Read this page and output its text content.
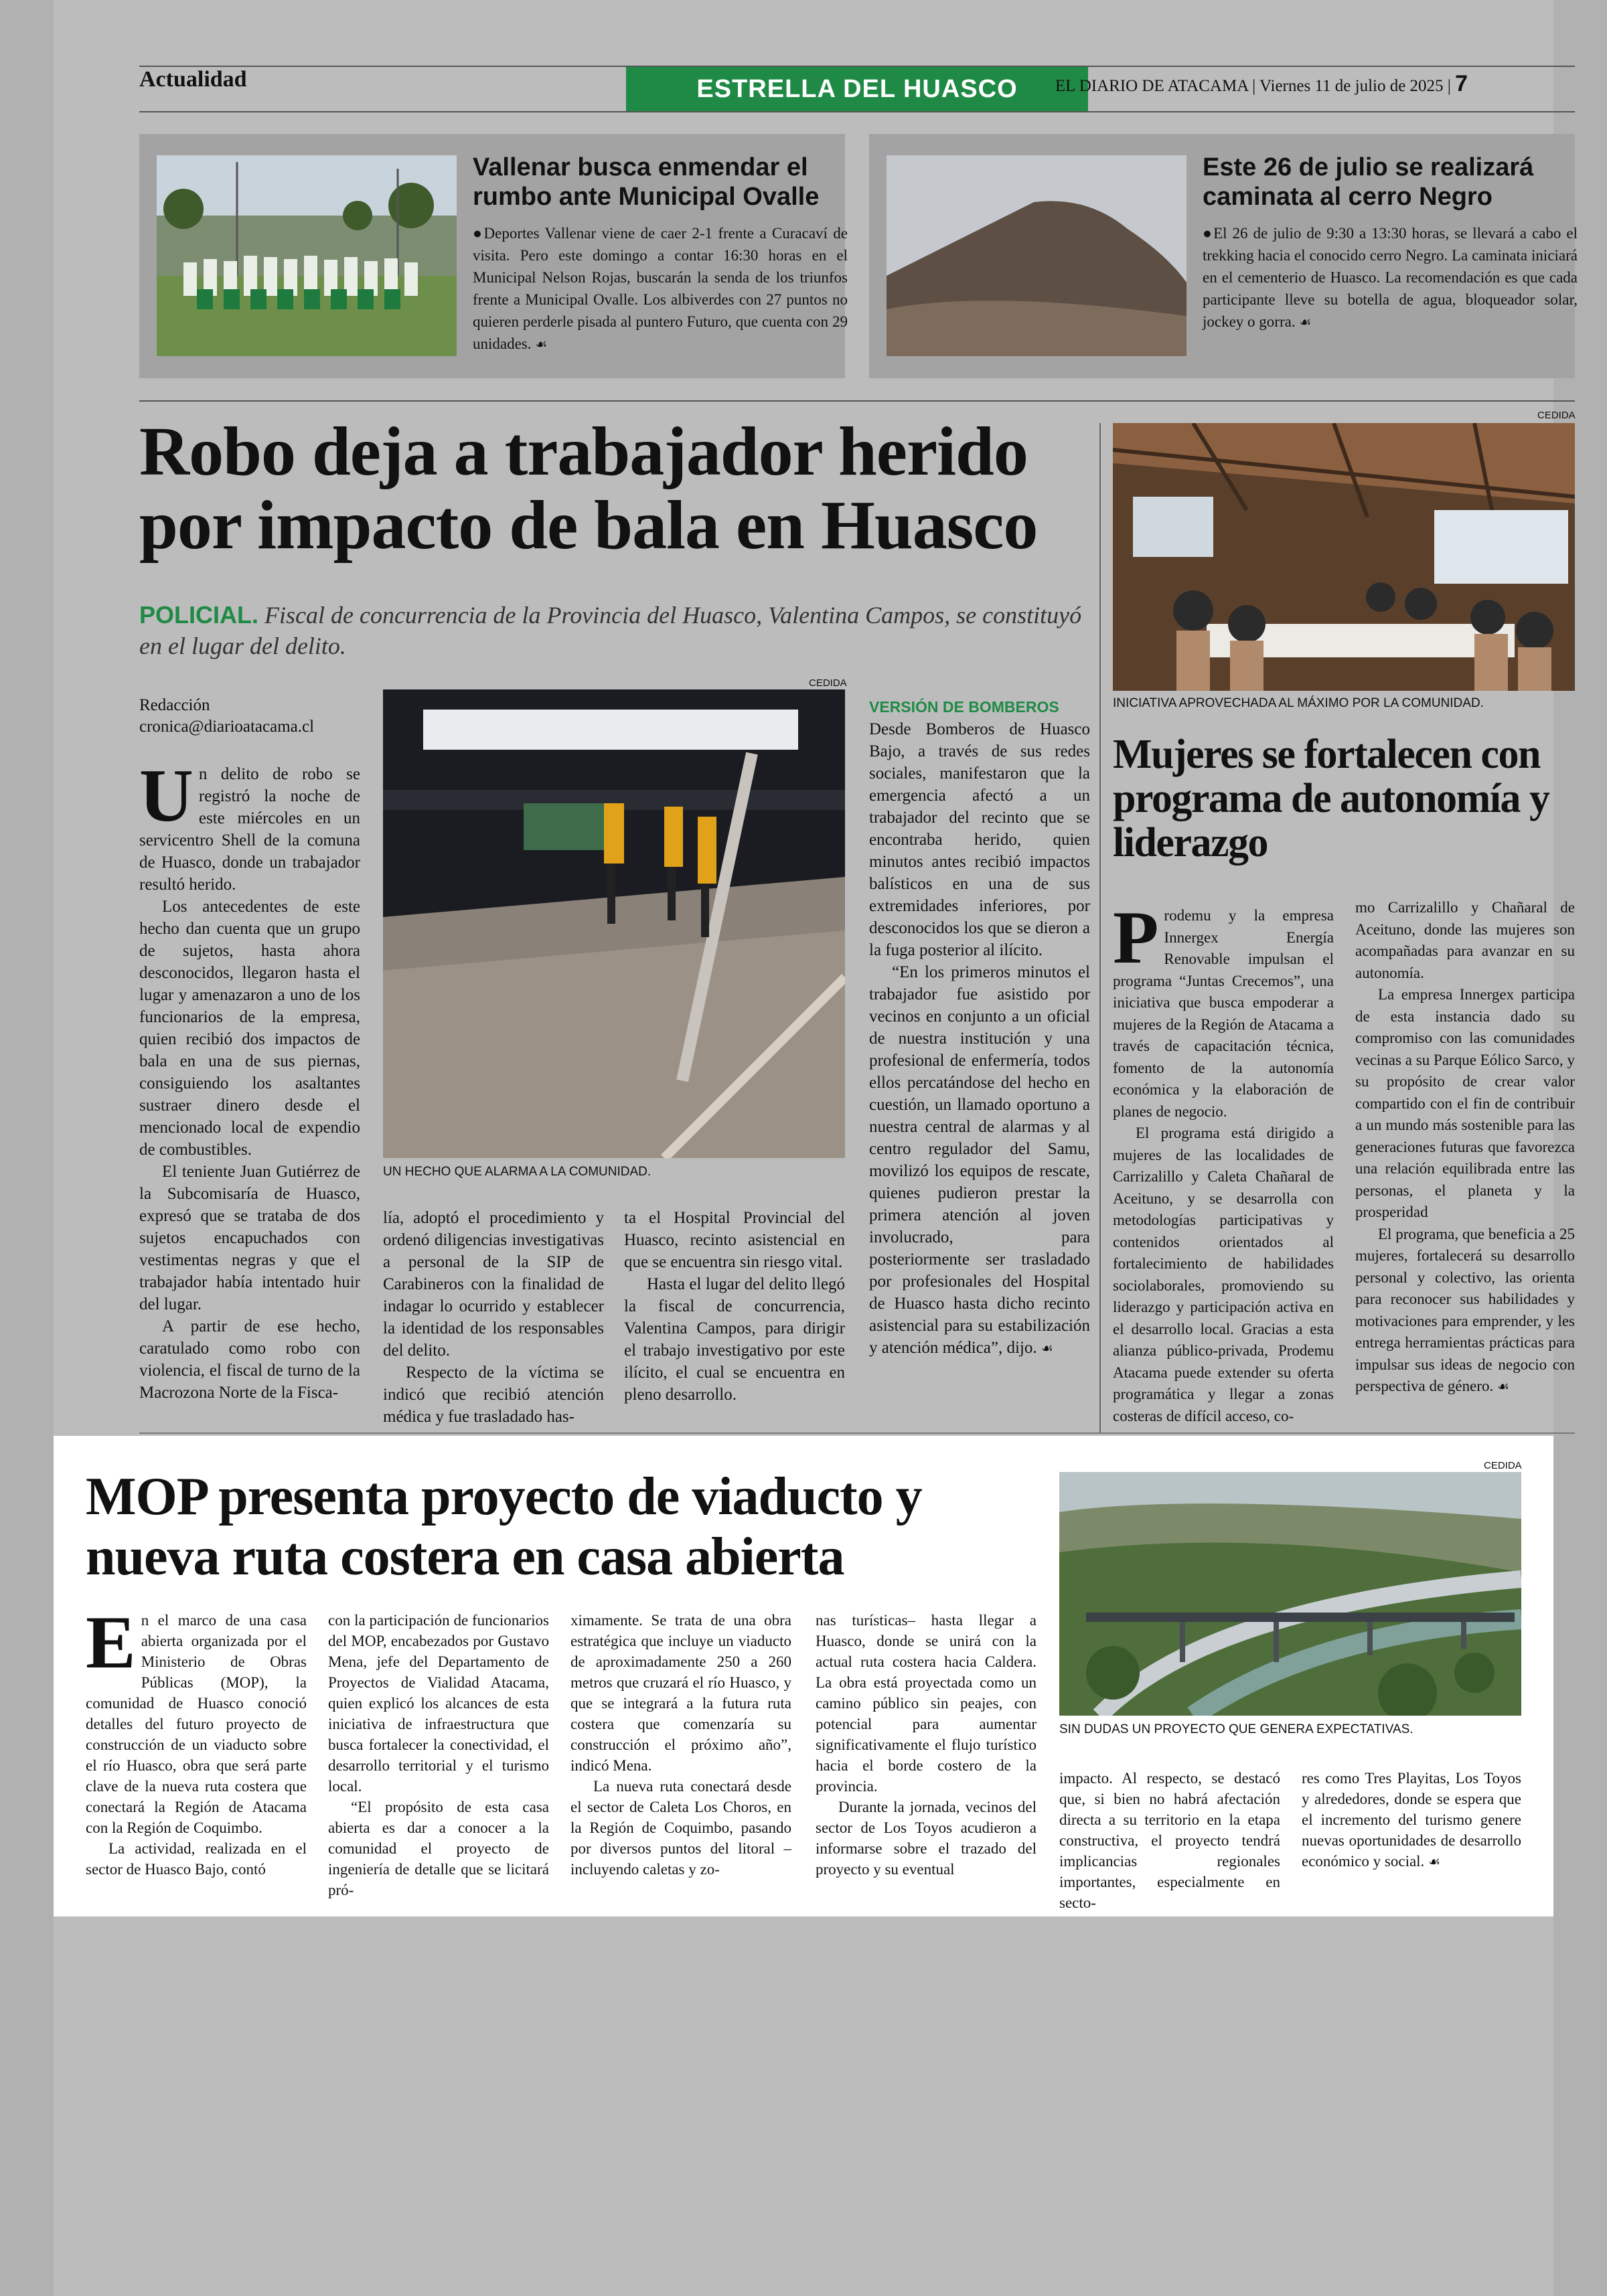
Actualidad	ESTRELLA DEL HUASCO	EL DIARIO DE ATACAMA | Viernes 11 de julio de 2025 | 7
Vallenar busca enmendar el rumbo ante Municipal Ovalle

●Deportes Vallenar viene de caer 2-1 frente a Curacaví de visita. Pero este domingo a contar 16:30 horas en el Municipal Nelson Rojas, buscarán la senda de los triunfos frente a Municipal Ovalle. Los albiverdes con 27 puntos no quieren perderle pisada al puntero Futuro, que cuenta con 29 unidades. ☙

Este 26 de julio se realizará caminata al cerro Negro

●El 26 de julio de 9:30 a 13:30 horas, se llevará a cabo el trekking hacia el conocido cerro Negro. La caminata iniciará en el cementerio de Huasco. La recomendación es que cada participante lleve su botella de agua, bloqueador solar, jockey o gorra. ☙

Robo deja a trabajador herido
por impacto de bala en Huasco

POLICIAL. Fiscal de concurrencia de la Provincia del Huasco, Valentina Campos, se constituyó en el lugar del delito.

Redacción
cronica@diarioatacama.cl
CEDIDA
UN HECHO QUE ALARMA A LA COMUNIDAD.

Un delito de robo se registró la noche de este miércoles en un servicentro Shell de la comuna de Huasco, donde un trabajador resultó herido.

Los antecedentes de este hecho dan cuenta que un grupo de sujetos, hasta ahora desconocidos, llegaron hasta el lugar y amenazaron a uno de los funcionarios de la empresa, quien recibió dos impactos de bala en una de sus piernas, consiguiendo los asaltantes sustraer dinero desde el mencionado local de expendio de combustibles.

El teniente Juan Gutiérrez de la Subcomisaría de Huasco, expresó que se trataba de dos sujetos encapuchados con vestimentas negras y que el trabajador había intentado huir del lugar.

A partir de ese hecho, caratulado como robo con violencia, el fiscal de turno de la Macrozona Norte de la Fisca-

lía, adoptó el procedimiento y ordenó diligencias investigativas a personal de la SIP de Carabineros con la finalidad de indagar lo ocurrido y establecer la identidad de los responsables del delito.

Respecto de la víctima se indicó que recibió atención médica y fue trasladado has-

ta el Hospital Provincial del Huasco, recinto asistencial en que se encuentra sin riesgo vital.

Hasta el lugar del delito llegó la fiscal de concurrencia, Valentina Campos, para dirigir el trabajo investigativo por este ilícito, el cual se encuentra en pleno desarrollo.

VERSIÓN DE BOMBEROS

Desde Bomberos de Huasco Bajo, a través de sus redes sociales, manifestaron que la emergencia afectó a un trabajador del recinto que se encontraba herido, quien minutos antes recibió impactos balísticos en una de sus extremidades inferiores, por desconocidos los que se dieron a la fuga posterior al ilícito.

“En los primeros minutos el trabajador fue asistido por vecinos en conjunto a un oficial de nuestra institución y una profesional de enfermería, todos ellos percatándose del hecho en cuestión, un llamado oportuno a nuestra central de alarmas y al centro regulador del Samu, movilizó los equipos de rescate, quienes pudieron prestar la primera atención al joven involucrado, para posteriormente ser trasladado por profesionales del Hospital de Huasco hasta dicho recinto asistencial para su estabilización y atención médica”, dijo. ☙

CEDIDA
INICIATIVA APROVECHADA AL MÁXIMO POR LA COMUNIDAD.
Mujeres se fortalecen con programa de autonomía y liderazgo

Prodemu y la empresa Innergex Energía Renovable impulsan el programa “Juntas Crecemos”, una iniciativa que busca empoderar a mujeres de la Región de Atacama a través de capacitación técnica, fomento de la autonomía económica y la elaboración de planes de negocio.

El programa está dirigido a mujeres de las localidades de Carrizalillo y Caleta Chañaral de Aceituno, y se desarrolla con metodologías participativas y contenidos orientados al fortalecimiento de habilidades sociolaborales, promoviendo su liderazgo y participación activa en el desarrollo local. Gracias a esta alianza público-privada, Prodemu Atacama puede extender su oferta programática y llegar a zonas costeras de difícil acceso, co-

mo Carrizalillo y Chañaral de Aceituno, donde las mujeres son acompañadas para avanzar en su autonomía.

La empresa Innergex participa de esta instancia dado su compromiso con las comunidades vecinas a su Parque Eólico Sarco, y su propósito de crear valor compartido con el fin de contribuir a un mundo más sostenible para las generaciones futuras que favorezca una relación equilibrada entre las personas, el planeta y la prosperidad

El programa, que beneficia a 25 mujeres, fortalecerá su desarrollo personal y colectivo, las orienta para reconocer sus habilidades y motivaciones para emprender, y les entrega herramientas prácticas para impulsar sus ideas de negocio con perspectiva de género. ☙

MOP presenta proyecto de viaducto y
nueva ruta costera en casa abierta
CEDIDA
SIN DUDAS UN PROYECTO QUE GENERA EXPECTATIVAS.

En el marco de una casa abierta organizada por el Ministerio de Obras Públicas (MOP), la comunidad de Huasco conoció detalles del futuro proyecto de construcción de un viaducto sobre el río Huasco, obra que será parte clave de la nueva ruta costera que conectará la Región de Atacama con la Región de Coquimbo.

La actividad, realizada en el sector de Huasco Bajo, contó

con la participación de funcionarios del MOP, encabezados por Gustavo Mena, jefe del Departamento de Proyectos de Vialidad Atacama, quien explicó los alcances de esta iniciativa de infraestructura que busca fortalecer la conectividad, el desarrollo territorial y el turismo local.

“El propósito de esta casa abierta es dar a conocer a la comunidad el proyecto de ingeniería de detalle que se licitará pró-

ximamente. Se trata de una obra estratégica que incluye un viaducto de aproximadamente 250 a 260 metros que cruzará el río Huasco, y que se integrará a la futura ruta costera que comenzaría su construcción el próximo año”, indicó Mena.

La nueva ruta conectará desde el sector de Caleta Los Choros, en la Región de Coquimbo, pasando por diversos puntos del litoral –incluyendo caletas y zo-

nas turísticas– hasta llegar a Huasco, donde se unirá con la actual ruta costera hacia Caldera. La obra está proyectada como un camino público sin peajes, con potencial para aumentar significativamente el flujo turístico hacia el borde costero de la provincia.

Durante la jornada, vecinos del sector de Los Toyos acudieron a informarse sobre el trazado del proyecto y su eventual

impacto. Al respecto, se destacó que, si bien no habrá afectación directa a su territorio en la etapa constructiva, el proyecto tendrá implicancias regionales importantes, especialmente en secto-

res como Tres Playitas, Los Toyos y alrededores, donde se espera que el incremento del turismo genere nuevas oportunidades de desarrollo económico y social. ☙
